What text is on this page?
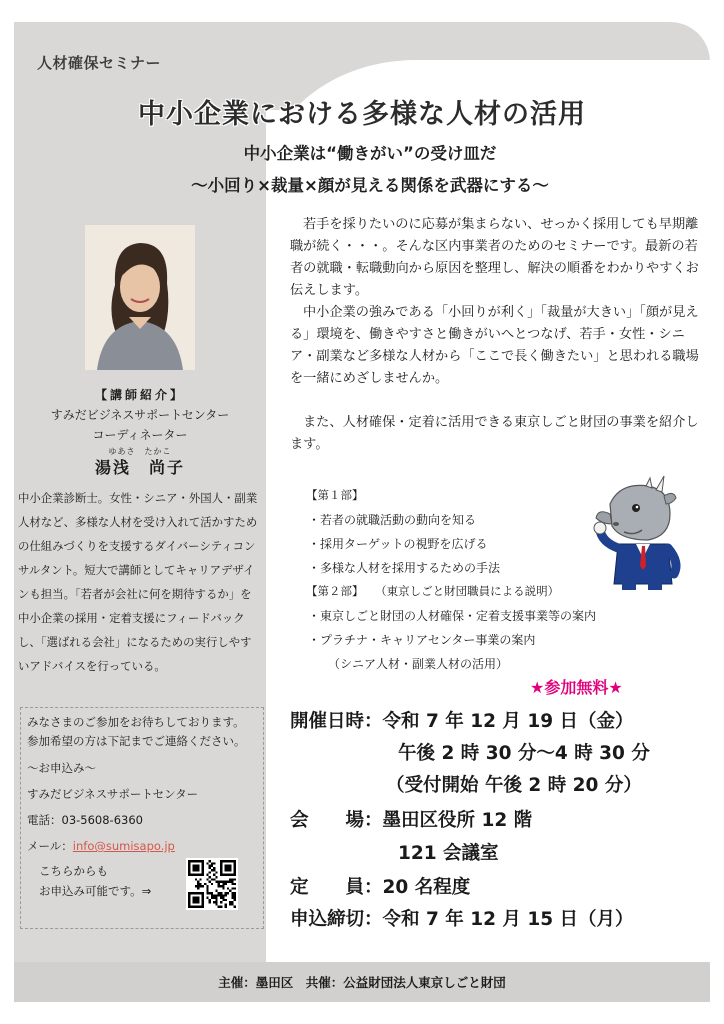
人材確保セミナー
中小企業における多様な人材の活用
中小企業は“働きがい”の受け皿だ
～小回り×裁量×顔が見える関係を武器にする～
【講師紹介】
すみだビジネスサポートセンター
コーディネーター
ゆあさ　たかこ
湯浅　尚子
中小企業診断士。女性・シニア・外国人・副業人材など、多様な人材を受け入れて活かすための仕組みづくりを支援するダイバーシティコンサルタント。短大で講師としてキャリアデザインも担当。「若者が会社に何を期待するか」を中小企業の採用・定着支援にフィードバックし、「選ばれる会社」になるための実行しやすいアドバイスを行っている。
みなさまのご参加をお待ちしております。
参加希望の方は下記までご連絡ください。
～お申込み～
すみだビジネスサポートセンター
電話：03-5608-6360
メール：info@sumisapo.jp
こちらからも
お申込み可能です。⇒
若手を採りたいのに応募が集まらない、せっかく採用しても早期離職が続く・・・。そんな区内事業者のためのセミナーです。最新の若者の就職・転職動向から原因を整理し、解決の順番をわかりやすくお伝えします。
中小企業の強みである「小回りが利く」「裁量が大きい」「顔が見える」環境を、働きやすさと働きがいへとつなげ、若手・女性・シニア・副業など多様な人材から「ここで長く働きたい」と思われる職場を一緒にめざしませんか。
また、人材確保・定着に活用できる東京しごと財団の事業を紹介します。
【第１部】
・若者の就職活動の動向を知る
・採用ターゲットの視野を広げる
・多様な人材を採用するための手法
【第２部】 （東京しごと財団職員による説明）
・東京しごと財団の人材確保・定着支援事業等の案内
・プラチナ・キャリアセンター事業の案内
（シニア人材・副業人材の活用）
★参加無料★
開催日時：令和 7 年 12 月 19 日（金）
午後 2 時 30 分～4 時 30 分
（受付開始 午後 2 時 20 分）
会　　場：墨田区役所 12 階
121 会議室
定　　員：20 名程度
申込締切：令和 7 年 12 月 15 日（月）
主催：墨田区　共催：公益財団法人東京しごと財団
